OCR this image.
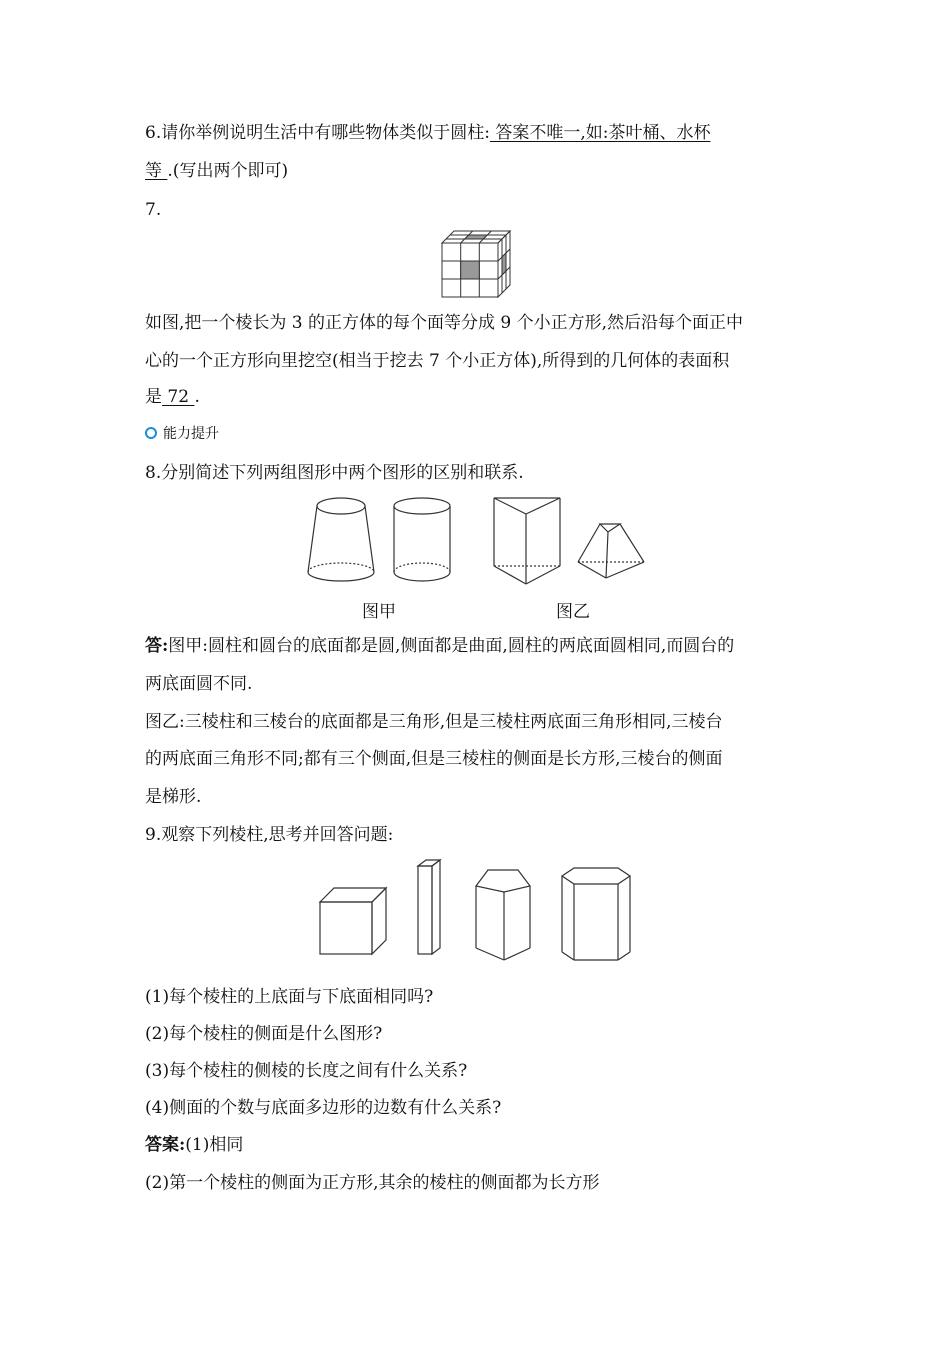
6.请你举例说明生活中有哪些物体类似于圆柱: 答案不唯一,如:茶叶桶、水杯
等 .(写出两个即可)
7.
如图,把一个棱长为 3 的正方体的每个面等分成 9 个小正方形,然后沿每个面正中
心的一个正方形向里挖空(相当于挖去 7 个小正方体),所得到的几何体的表面积
是 72 .
能力提升
8.分别简述下列两组图形中两个图形的区别和联系.
图甲	图乙
答:图甲:圆柱和圆台的底面都是圆,侧面都是曲面,圆柱的两底面圆相同,而圆台的
两底面圆不同.
图乙:三棱柱和三棱台的底面都是三角形,但是三棱柱两底面三角形相同,三棱台
的两底面三角形不同;都有三个侧面,但是三棱柱的侧面是长方形,三棱台的侧面
是梯形.
9.观察下列棱柱,思考并回答问题:
(1)每个棱柱的上底面与下底面相同吗?
(2)每个棱柱的侧面是什么图形?
(3)每个棱柱的侧棱的长度之间有什么关系?
(4)侧面的个数与底面多边形的边数有什么关系?
答案:(1)相同
(2)第一个棱柱的侧面为正方形,其余的棱柱的侧面都为长方形
